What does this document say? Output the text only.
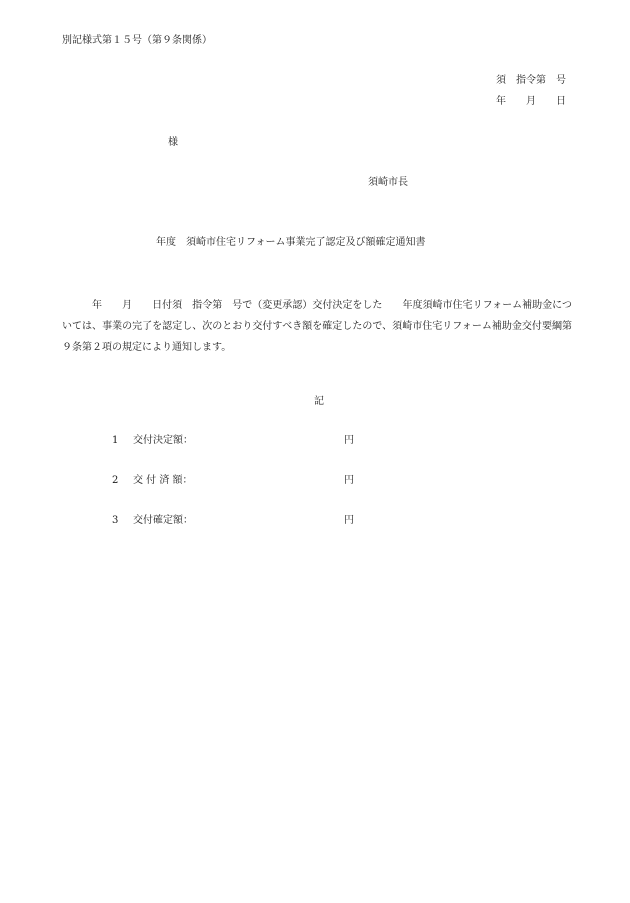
別記様式第１５号（第９条関係）
須　指令第　号
年　　月　　日
様
須崎市長
年度　須崎市住宅リフォーム事業完了認定及び額確定通知書
　　　年　　月　　日付須　指令第　号で（変更承認）交付決定をした　　年度須崎市住宅リフォーム補助金については、事業の完了を認定し、次のとおり交付すべき額を確定したので、須崎市住宅リフォーム補助金交付要綱第９条第２項の規定により通知します。
記
1 交付決定額：	円
2 交 付 済 額：	円
3 交付確定額：	円
